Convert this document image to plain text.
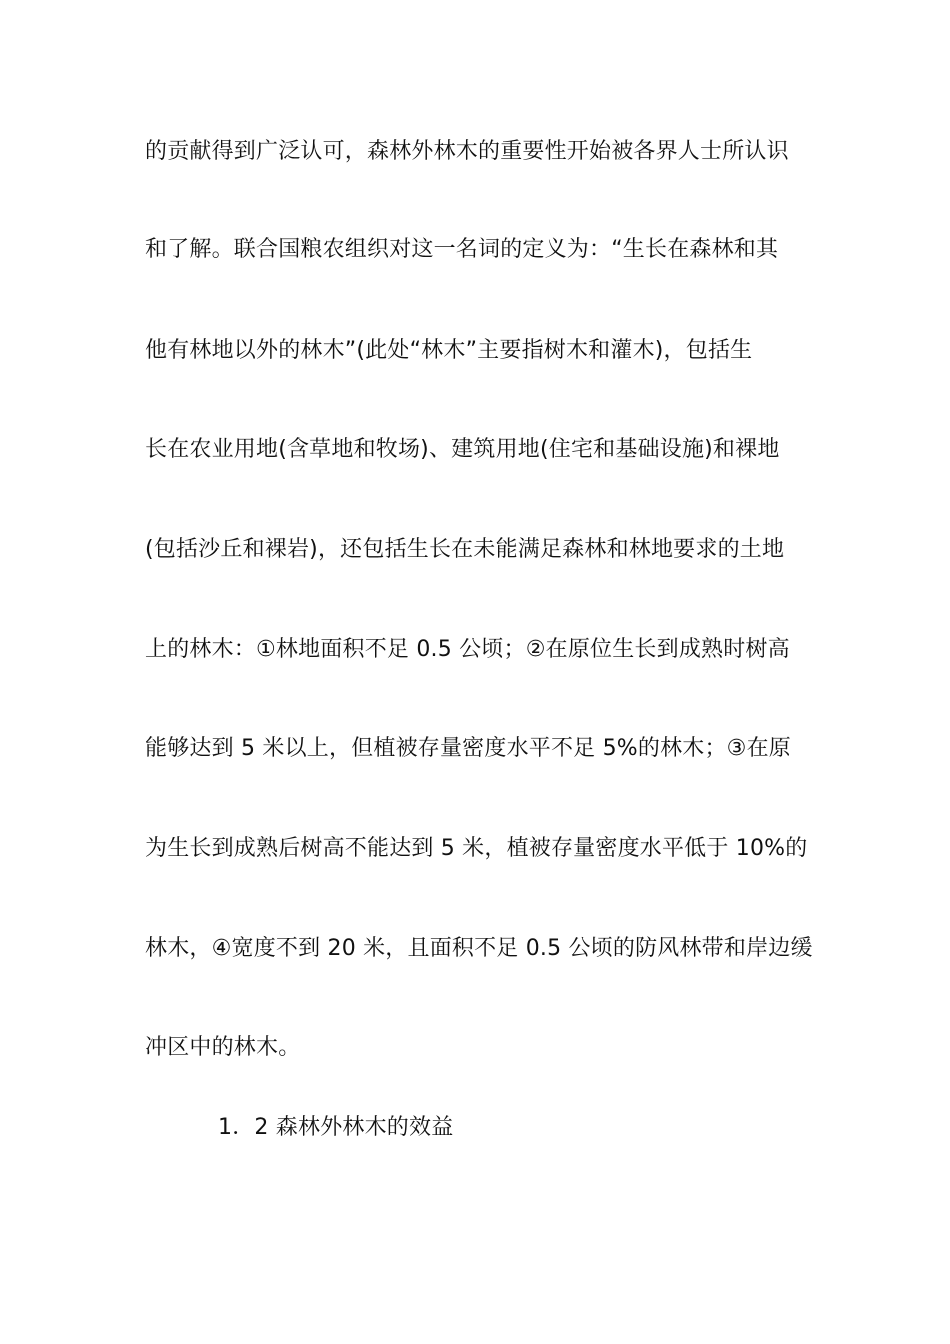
的贡献得到广泛认可，森林外林木的重要性开始被各界人士所认识
和了解。联合国粮农组织对这一名词的定义为：“生长在森林和其
他有林地以外的林木”(此处“林木”主要指树木和灌木)，包括生
长在农业用地(含草地和牧场)、建筑用地(住宅和基础设施)和裸地
(包括沙丘和裸岩)，还包括生长在未能满足森林和林地要求的土地
上的林木：①林地面积不足 0.5 公顷；②在原位生长到成熟时树高
能够达到 5 米以上，但植被存量密度水平不足 5%的林木；③在原
为生长到成熟后树高不能达到 5 米，植被存量密度水平低于 10%的
林木，④宽度不到 20 米，且面积不足 0.5 公顷的防风林带和岸边缓
冲区中的林木。
1．2 森林外林木的效益
